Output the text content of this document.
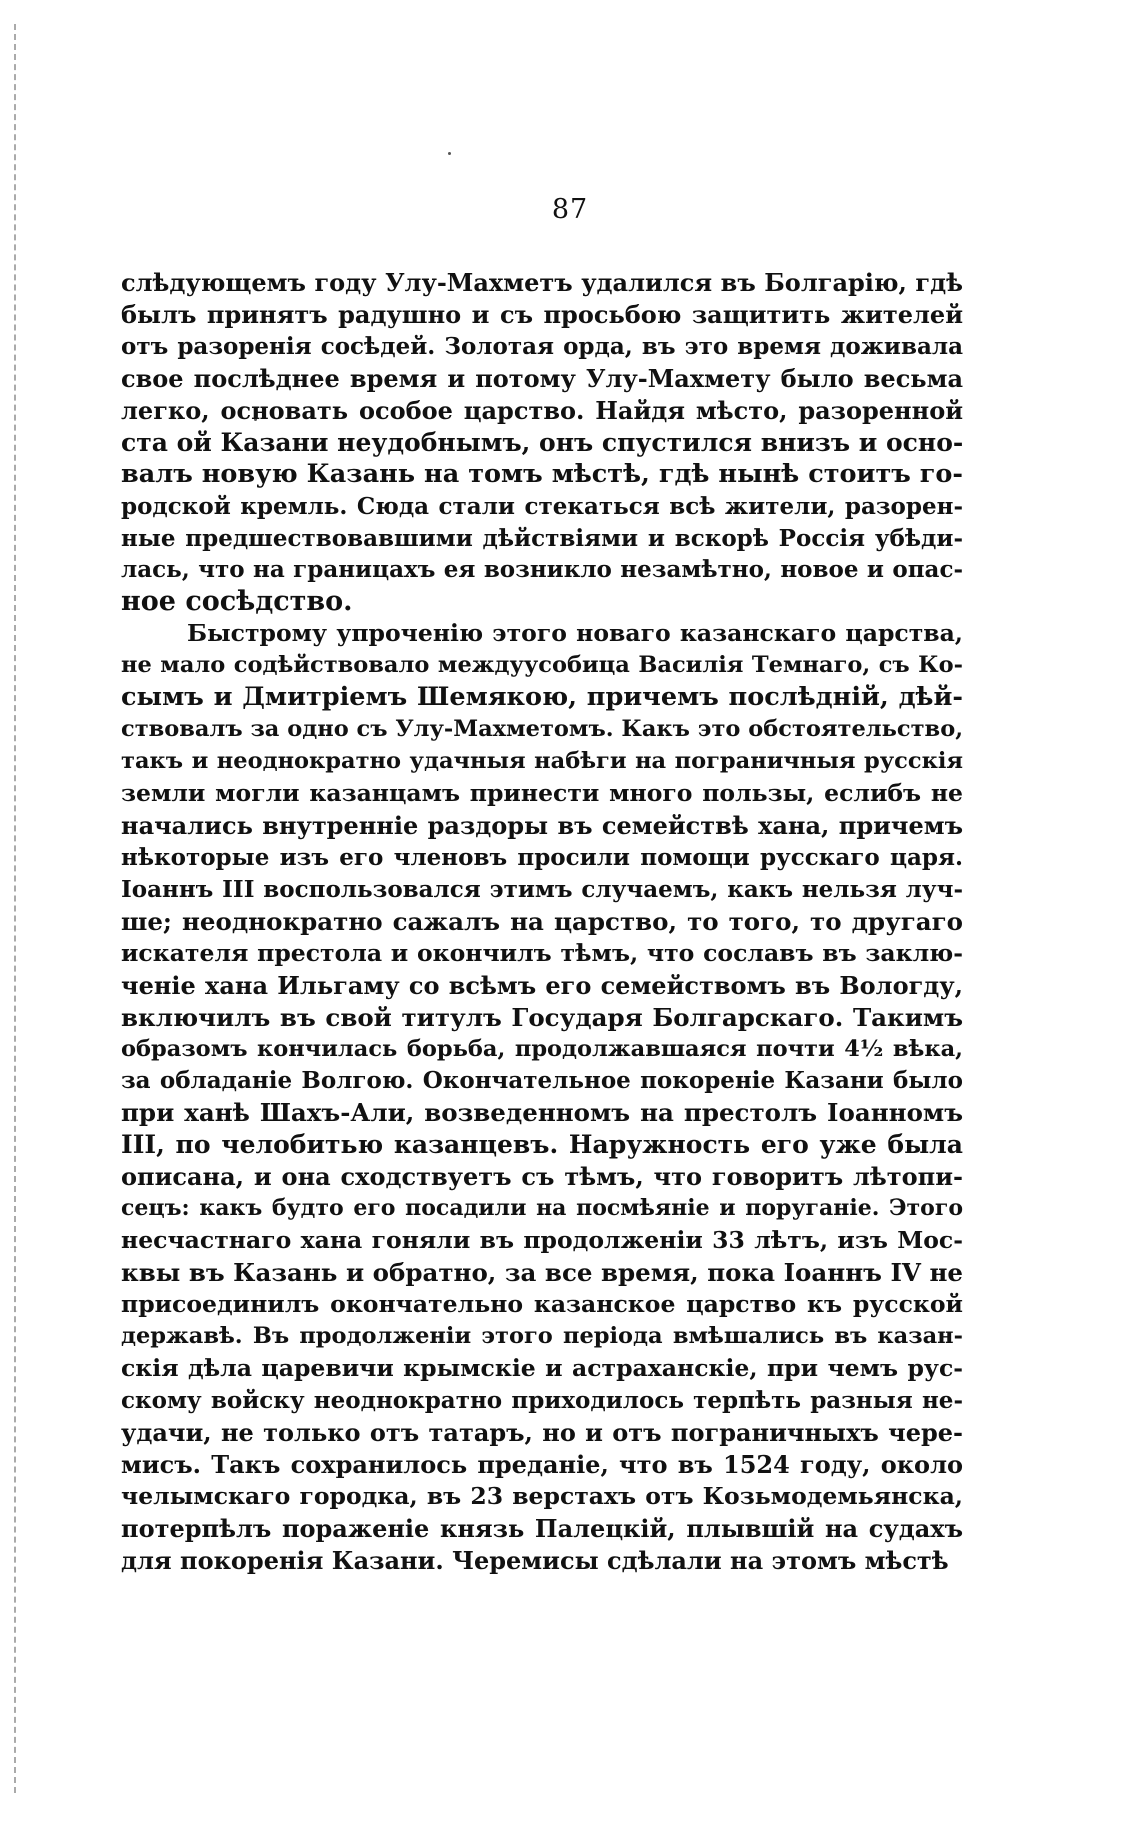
87
слѣдующемъ году Улу-Махметъ удалился въ Болгарію, гдѣ
былъ принятъ радушно и съ просьбою защитить жителей
отъ разоренія сосѣдей. Золотая орда, въ это время доживала
свое послѣднее время и потому Улу-Махмету было весьма
легко, основать особое царство. Найдя мѣсто, разоренной
ста ой Казани неудобнымъ, онъ спустился внизъ и осно-
валъ новую Казань на томъ мѣстѣ, гдѣ нынѣ стоитъ го-
родской кремль. Сюда стали стекаться всѣ жители, разорен-
ные предшествовавшими дѣйствіями и вскорѣ Россія убѣди-
лась, что на границахъ ея возникло незамѣтно, новое и опас-
ное сосѣдство.
Быстрому упроченію этого новаго казанскаго царства,
не мало содѣйствовало междуусобица Василія Темнаго, съ Ко-
сымъ и Дмитріемъ Шемякою, причемъ послѣдній, дѣй-
ствовалъ за одно съ Улу-Махметомъ. Какъ это обстоятельство,
такъ и неоднократно удачныя набѣги на пограничныя русскія
земли могли казанцамъ принести много пользы, еслибъ не
начались внутренніе раздоры въ семействѣ хана, причемъ
нѣкоторые изъ его членовъ просили помощи русскаго царя.
Іоаннъ III воспользовался этимъ случаемъ, какъ нельзя луч-
ше; неоднократно сажалъ на царство, то того, то другаго
искателя престола и окончилъ тѣмъ, что сославъ въ заклю-
ченіе хана Ильгаму со всѣмъ его семействомъ въ Вологду,
включилъ въ свой титулъ Государя Болгарскаго. Такимъ
образомъ кончилась борьба, продолжавшаяся почти 4½ вѣка,
за обладаніе Волгою. Окончательное покореніе Казани было
при ханѣ Шахъ-Али, возведенномъ на престолъ Іоанномъ
III, по челобитью казанцевъ. Наружность его уже была
описана, и она сходствуетъ съ тѣмъ, что говоритъ лѣтопи-
сецъ: какъ будто его посадили на посмѣяніе и поруганіе. Этого
несчастнаго хана гоняли въ продолженіи 33 лѣтъ, изъ Мос-
квы въ Казань и обратно, за все время, пока Іоаннъ IV не
присоединилъ окончательно казанское царство къ русской
державѣ. Въ продолженіи этого періода вмѣшались въ казан-
скія дѣла царевичи крымскіе и астраханскіе, при чемъ рус-
скому войску неоднократно приходилось терпѣть разныя не-
удачи, не только отъ татаръ, но и отъ пограничныхъ чере-
мисъ. Такъ сохранилось преданіе, что въ 1524 году, около
челымскаго городка, въ 23 верстахъ отъ Козьмодемьянска,
потерпѣлъ пораженіе князь Палецкій, плывшій на судахъ
для покоренія Казани. Черемисы сдѣлали на этомъ мѣстѣ
